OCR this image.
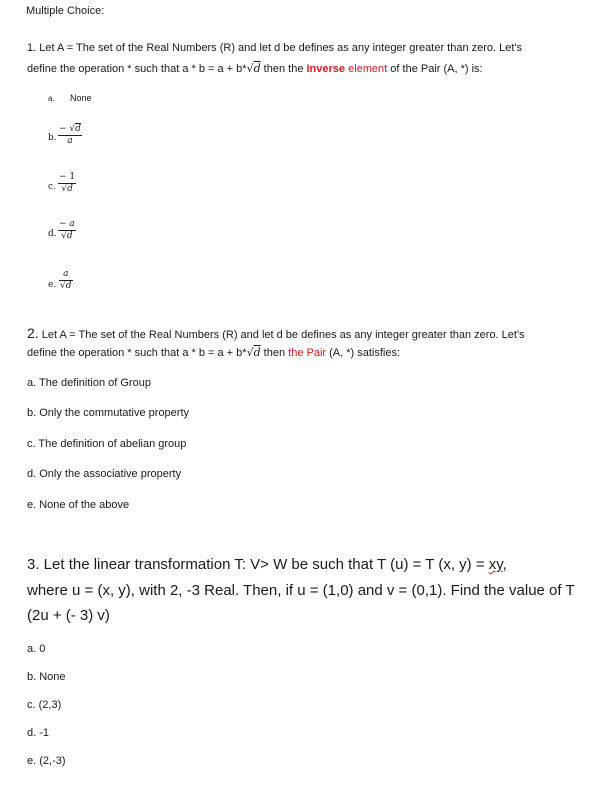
Multiple Choice:
1. Let A = The set of the Real Numbers (R) and let d be defines as any integer greater than zero. Let's
define the operation * such that a * b = a + b*√d then the Inverse element of the Pair (A, *) is:
a. None
b.
− √d
a
c.
− 1
√d
d.
− a
√d
e.
a
√d
2. Let A = The set of the Real Numbers (R) and let d be defines as any integer greater than zero. Let's
define the operation * such that a * b = a + b*√d then the Pair (A, *) satisfies:
a. The definition of Group
b. Only the commutative property
c. The definition of abelian group
d. Only the associative property
e. None of the above
3. Let the linear transformation T: V> W be such that T (u) = T (x, y) = xy,
where u = (x, y), with 2, -3 Real. Then, if u = (1,0) and v = (0,1). Find the value of T
(2u + (- 3) v)
a. 0
b. None
c. (2,3)
d. -1
e. (2,-3)
